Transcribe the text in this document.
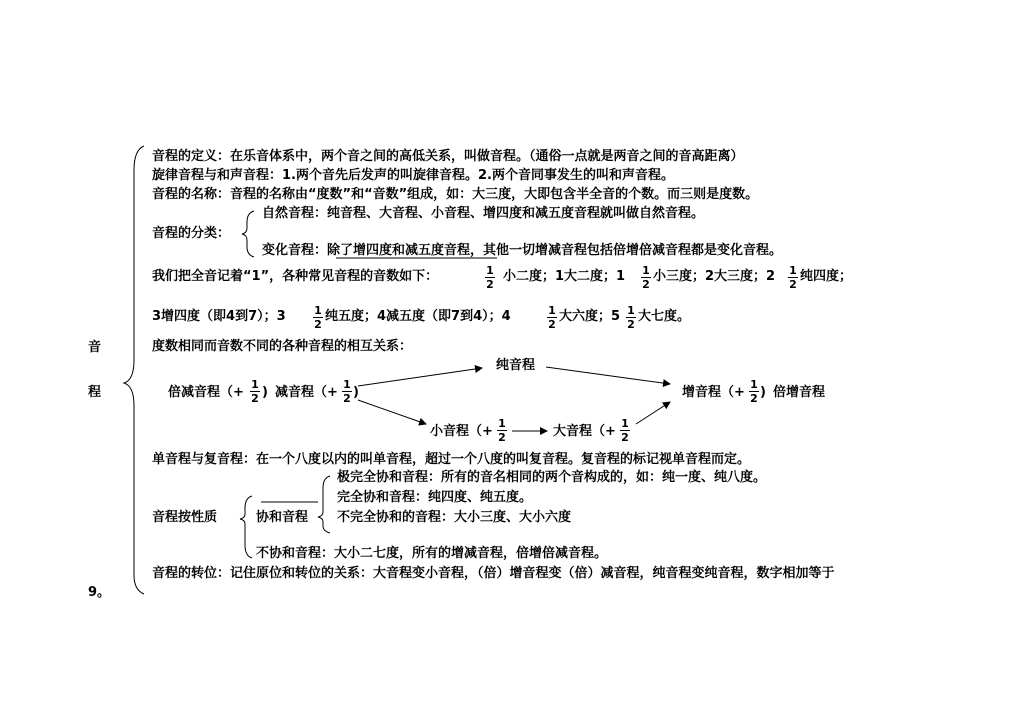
音
程
9。
音程的定义：在乐音体系中，两个音之间的高低关系，叫做音程。（通俗一点就是两音之间的音高距离）
旋律音程与和声音程：1.两个音先后发声的叫旋律音程。2.两个音同事发生的叫和声音程。
音程的名称：音程的名称由“度数”和“音数”组成，如：大三度，大即包含半全音的个数。而三则是度数。
音程的分类：
自然音程：纯音程、大音程、小音程、增四度和减五度音程就叫做自然音程。
变化音程：除了增四度和减五度音程，其他一切增减音程包括倍增倍减音程都是变化音程。
我们把全音记着“1”，各种常见音程的音数如下：	1
2
小二度；1大二度；1 1
2
小三度；2大三度；2 1
2
纯四度；
3增四度（即4到7）；3	1
2
纯五度；4减五度（即7到4）；4	1
2
大六度；5 1
2
大七度。
度数相同而音数不同的各种音程的相互关系：
倍减音程（+
1
2 ) 减音程（+
1
2 )
纯音程
小音程（+
1
2	大音程（+
1
2
增音程（+
1
2 ) 倍增音程
单音程与复音程：在一个八度以内的叫单音程，超过一个八度的叫复音程。复音程的标记视单音程而定。
音程按性质	协和音程
极完全协和音程：所有的音名相同的两个音构成的，如：纯一度、纯八度。
完全协和音程：纯四度、纯五度。
不完全协和的音程：大小三度、大小六度
不协和音程：大小二七度，所有的增减音程，倍增倍减音程。
音程的转位：记住原位和转位的关系：大音程变小音程，（倍）增音程变（倍）减音程，纯音程变纯音程，数字相加等于
